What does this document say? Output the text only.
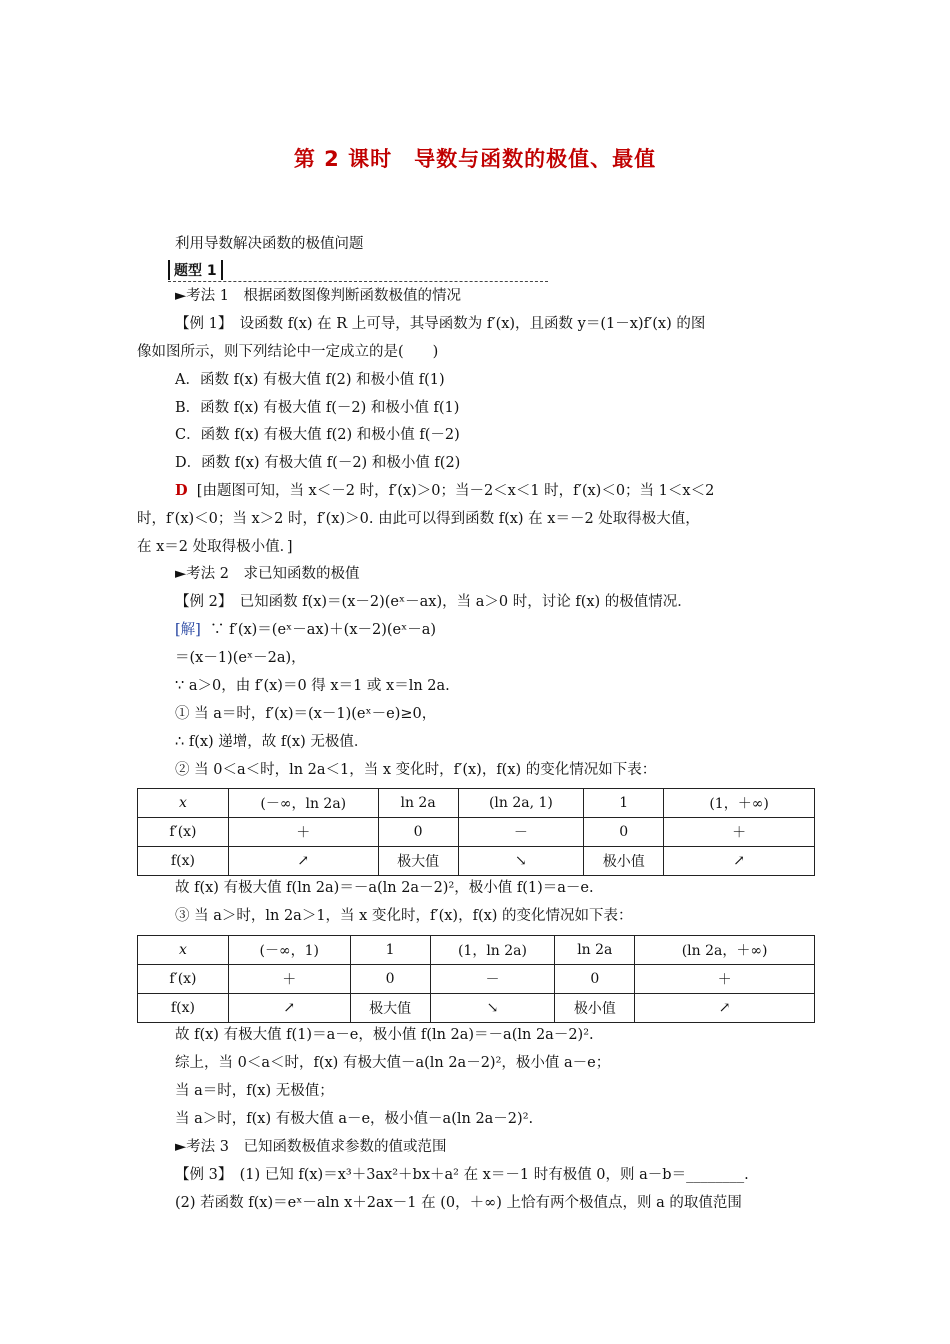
第 2 课时　导数与函数的极值、最值
利用导数解决函数的极值问题
题型 1
►考法 1　根据函数图像判断函数极值的情况
【例 1】　设函数 f(x) 在 R 上可导，其导函数为 f′(x)，且函数 y＝(1－x)f′(x) 的图
像如图所示，则下列结论中一定成立的是(　　)
A．函数 f(x) 有极大值 f(2) 和极小值 f(1)
B．函数 f(x) 有极大值 f(－2) 和极小值 f(1)
C．函数 f(x) 有极大值 f(2) 和极小值 f(－2)
D．函数 f(x) 有极大值 f(－2) 和极小值 f(2)
D [由题图可知，当 x＜－2 时，f′(x)＞0；当－2＜x＜1 时，f′(x)＜0；当 1＜x＜2
时，f′(x)＜0；当 x＞2 时，f′(x)＞0. 由此可以得到函数 f(x) 在 x＝－2 处取得极大值，
在 x＝2 处取得极小值．]
►考法 2　求已知函数的极值
【例 2】　已知函数 f(x)＝(x－2)(eˣ－ax)，当 a＞0 时，讨论 f(x) 的极值情况．
[解] ∵ f′(x)＝(eˣ－ax)＋(x－2)(eˣ－a)
＝(x－1)(eˣ－2a)，
∵ a＞0，由 f′(x)＝0 得 x＝1 或 x＝ln 2a.
① 当 a＝时，f′(x)＝(x－1)(eˣ－e)≥0，
∴ f(x) 递增，故 f(x) 无极值．
② 当 0＜a＜时，ln 2a＜1，当 x 变化时，f′(x)，f(x) 的变化情况如下表：
x	(－∞，ln 2a)	ln 2a	(ln 2a, 1)	1	(1，＋∞)
f′(x)	＋	0	－	0	＋
f(x)	↗	极大值	↘	极小值	↗
故 f(x) 有极大值 f(ln 2a)＝－a(ln 2a－2)²，极小值 f(1)＝a－e.
③ 当 a＞时，ln 2a＞1，当 x 变化时，f′(x)，f(x) 的变化情况如下表：
x	(－∞，1)	1	(1，ln 2a)	ln 2a	(ln 2a，＋∞)
f′(x)	＋	0	－	0	＋
f(x)	↗	极大值	↘	极小值	↗
故 f(x) 有极大值 f(1)＝a－e，极小值 f(ln 2a)＝－a(ln 2a－2)².
综上，当 0＜a＜时，f(x) 有极大值－a(ln 2a－2)²，极小值 a－e；
当 a＝时，f(x) 无极值；
当 a＞时，f(x) 有极大值 a－e，极小值－a(ln 2a－2)².
►考法 3　已知函数极值求参数的值或范围
【例 3】　(1) 已知 f(x)＝x³＋3ax²＋bx＋a² 在 x＝－1 时有极值 0，则 a－b＝________.
(2) 若函数 f(x)＝eˣ－aln x＋2ax－1 在 (0，＋∞) 上恰有两个极值点，则 a 的取值范围
